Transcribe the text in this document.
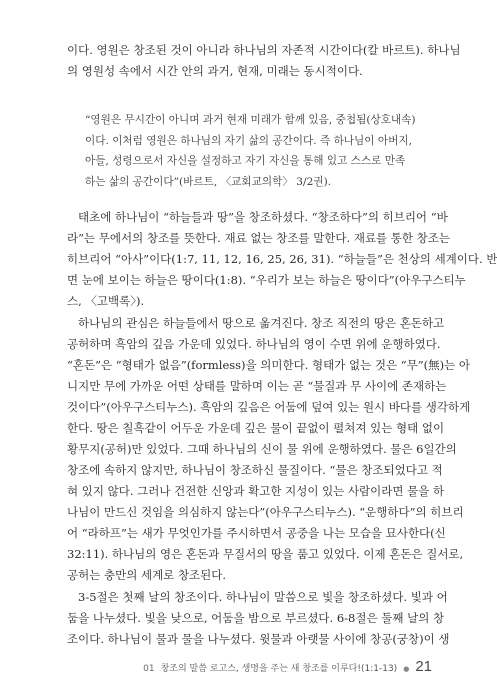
이다. 영원은 창조된 것이 아니라 하나님의 자존적 시간이다(칼 바르트). 하나님
의 영원성 속에서 시간 안의 과거, 현재, 미래는 동시적이다.
“영원은 무시간이 아니며 과거 현재 미래가 함께 있음, 중첩됨(상호내속)
이다. 이처럼 영원은 하나님의 자기 삶의 공간이다. 즉 하나님이 아버지,
아들, 성령으로서 자신을 설정하고 자기 자신을 통해 있고 스스로 만족
하는 삶의 공간이다”(바르트, 〈교회교의학〉 3/2권).
태초에 하나님이 “하늘들과 땅”을 창조하셨다. “창조하다”의 히브리어 “바
라”는 무에서의 창조를 뜻한다. 재료 없는 창조를 말한다. 재료를 통한 창조는
히브리어 “아사”이다(1:7, 11, 12, 16, 25, 26, 31). “하늘들”은 천상의 세계이다. 반
면 눈에 보이는 하늘은 땅이다(1:8). “우리가 보는 하늘은 땅이다”(아우구스티누
스, 〈고백록〉).
하나님의 관심은 하늘들에서 땅으로 옮겨진다. 창조 직전의 땅은 혼돈하고
공허하며 흑암의 깊음 가운데 있었다. 하나님의 영이 수면 위에 운행하였다.
“혼돈”은 “형태가 없음”(formless)을 의미한다. 형태가 없는 것은 “무”(無)는 아
니지만 무에 가까운 어떤 상태를 말하며 이는 곧 “물질과 무 사이에 존재하는
것이다”(아우구스티누스). 흑암의 깊음은 어둠에 덮여 있는 원시 바다를 생각하게
한다. 땅은 칠흑같이 어두운 가운데 깊은 물이 끝없이 펼쳐져 있는 형태 없이
황무지(공허)만 있었다. 그때 하나님의 신이 물 위에 운행하였다. 물은 6일간의
창조에 속하지 않지만, 하나님이 창조하신 물질이다. “물은 창조되었다고 적
혀 있지 않다. 그러나 건전한 신앙과 확고한 지성이 있는 사람이라면 물을 하
나님이 만드신 것임을 의심하지 않는다”(아우구스티누스). “운행하다”의 히브리
어 “라하프”는 새가 무엇인가를 주시하면서 공중을 나는 모습을 묘사한다(신
32:11). 하나님의 영은 혼돈과 무질서의 땅을 품고 있었다. 이제 혼돈은 질서로,
공허는 충만의 세계로 창조된다.
3-5절은 첫째 날의 창조이다. 하나님이 말씀으로 빛을 창조하셨다. 빛과 어
둠을 나누셨다. 빛을 낮으로, 어둠을 밤으로 부르셨다. 6-8절은 둘째 날의 창
조이다. 하나님이 물과 물을 나누셨다. 윗물과 아랫물 사이에 창공(궁창)이 생
01 창조의 말씀 로고스, 생명을 주는 새 창조를 이루다!(1:1-13) ● 21
